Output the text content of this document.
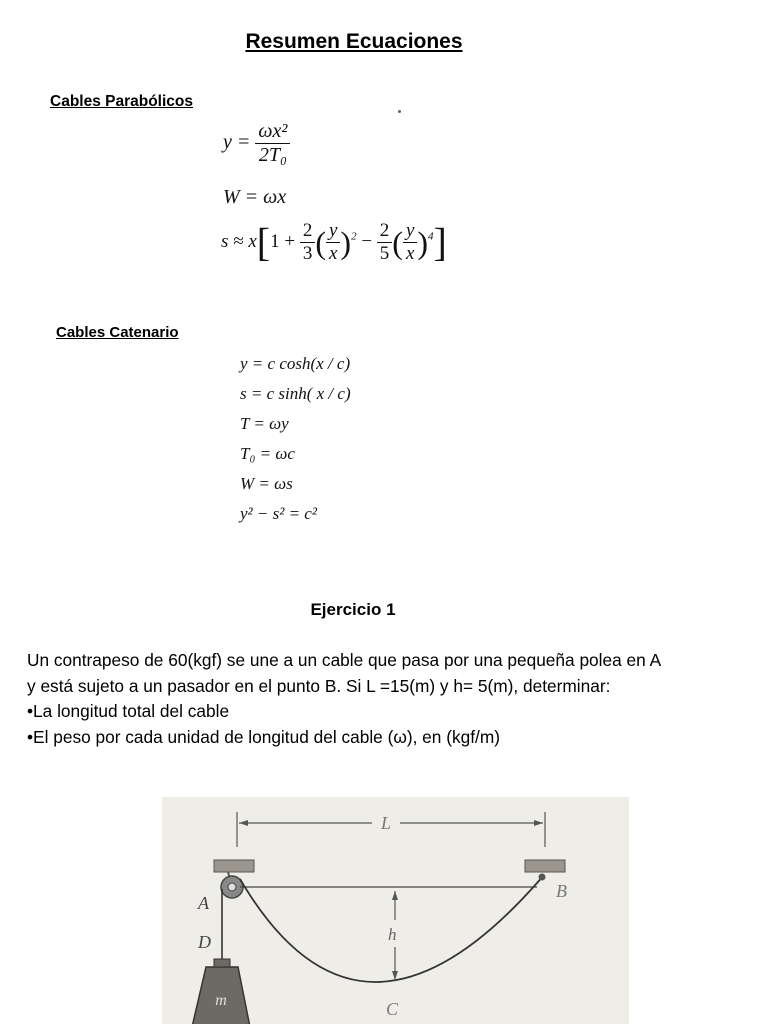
Resumen Ecuaciones
Cables Parabólicos
$y = \frac{\text{ωx²}}{\text{2T₀}}$
W = ωx
$s \approx x[1 + \frac{2}{3}$ ( $\frac{y}{x} )^2 - \frac{2}{5}$ ( $\frac{y}{x} )^4$]
Cables Catenario
y = c cosh(x / c)
s = c sinh( x / c)
T = ωy
T₀ = ωc
W = ωs
y² − s² = c²
Ejercicio 1
Un contrapeso de 60(kgf) se une a un cable que pasa por una pequeña polea en A
y está sujeto a un pasador en el punto B. Si L =15(m) y h= 5(m), determinar:
•La longitud total del cable
•El peso por cada unidad de longitud del cable (ω), en (kgf/m)
L
h
m
A
D
B
C
